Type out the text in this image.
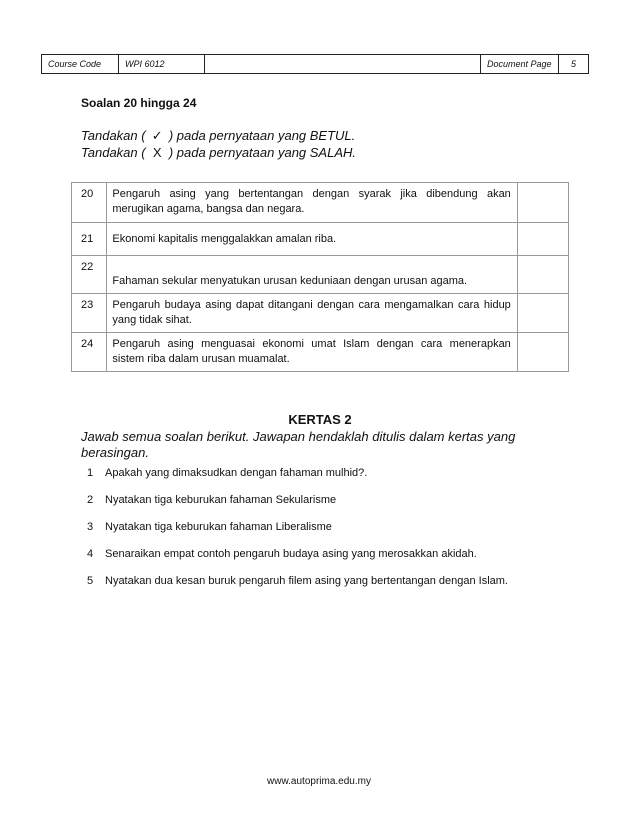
Course Code	WPI 6012	Document Page	5
Soalan 20 hingga 24
Tandakan ( ✓ ) pada pernyataan yang BETUL.
Tandakan ( X ) pada pernyataan yang SALAH.
20	Pengaruh asing yang bertentangan dengan syarak jika dibendung akan merugikan agama, bangsa dan negara.	
21	Ekonomi kapitalis menggalakkan amalan riba.	
22	Fahaman sekular menyatukan urusan keduniaan dengan urusan agama.	
23	Pengaruh budaya asing dapat ditangani dengan cara mengamalkan cara hidup yang tidak sihat.	
24	Pengaruh asing menguasai ekonomi umat Islam dengan cara menerapkan sistem riba dalam urusan muamalat.	
KERTAS 2
Jawab semua soalan berikut. Jawapan hendaklah ditulis dalam kertas yang berasingan.
1	Apakah yang dimaksudkan dengan fahaman mulhid?.
2	Nyatakan tiga keburukan fahaman Sekularisme
3	Nyatakan tiga keburukan fahaman Liberalisme
4	Senaraikan empat contoh pengaruh budaya asing yang merosakkan akidah.
5	Nyatakan dua kesan buruk pengaruh filem asing yang bertentangan dengan Islam.
www.autoprima.edu.my
